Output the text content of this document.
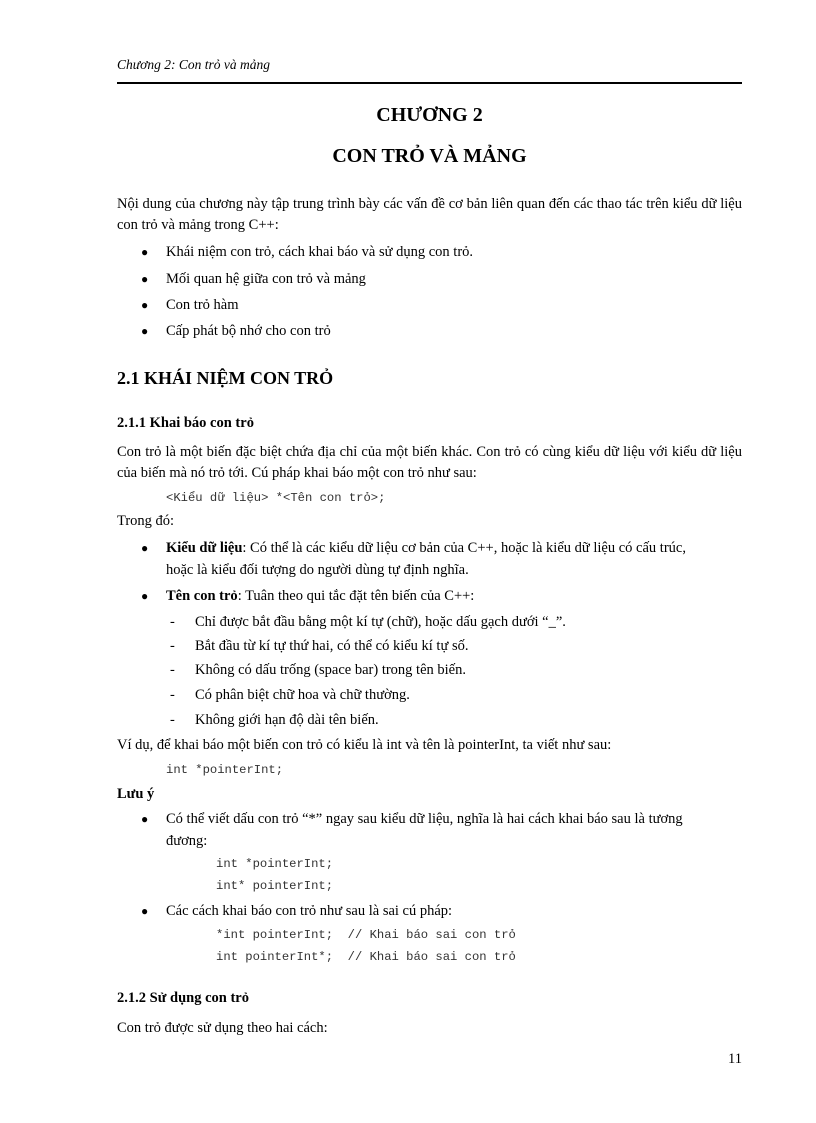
Chương 2: Con trỏ và mảng
CHƯƠNG 2
CON TRỎ VÀ MẢNG
Nội dung của chương này tập trung trình bày các vấn đề cơ bản liên quan đến các thao tác trên kiểu dữ liệu con trỏ và mảng trong C++:
● Khái niệm con trỏ, cách khai báo và sử dụng con trỏ.
● Mối quan hệ giữa con trỏ và mảng
● Con trỏ hàm
● Cấp phát bộ nhớ cho con trỏ
2.1 KHÁI NIỆM CON TRỎ
2.1.1 Khai báo con trỏ
Con trỏ là một biến đặc biệt chứa địa chỉ của một biến khác. Con trỏ có cùng kiểu dữ liệu với kiểu dữ liệu của biến mà nó trỏ tới. Cú pháp khai báo một con trỏ như sau:
<Kiểu dữ liệu> *<Tên con trỏ>;
Trong đó:
● Kiểu dữ liệu: Có thể là các kiểu dữ liệu cơ bản của C++, hoặc là kiểu dữ liệu có cấu trúc,
hoặc là kiểu đối tượng do người dùng tự định nghĩa.
● Tên con trỏ: Tuân theo qui tắc đặt tên biến của C++:
- Chỉ được bắt đầu bằng một kí tự (chữ), hoặc dấu gạch dưới “_”.
- Bắt đầu từ kí tự thứ hai, có thể có kiểu kí tự số.
- Không có dấu trống (space bar) trong tên biến.
- Có phân biệt chữ hoa và chữ thường.
- Không giới hạn độ dài tên biến.
Ví dụ, để khai báo một biến con trỏ có kiểu là int và tên là pointerInt, ta viết như sau:
int *pointerInt;
Lưu ý
● Có thể viết dấu con trỏ “*” ngay sau kiểu dữ liệu, nghĩa là hai cách khai báo sau là tương
đương:
int *pointerInt;
int* pointerInt;
● Các cách khai báo con trỏ như sau là sai cú pháp:
*int pointerInt;  // Khai báo sai con trỏ
int pointerInt*;  // Khai báo sai con trỏ
2.1.2 Sử dụng con trỏ
Con trỏ được sử dụng theo hai cách:
11
